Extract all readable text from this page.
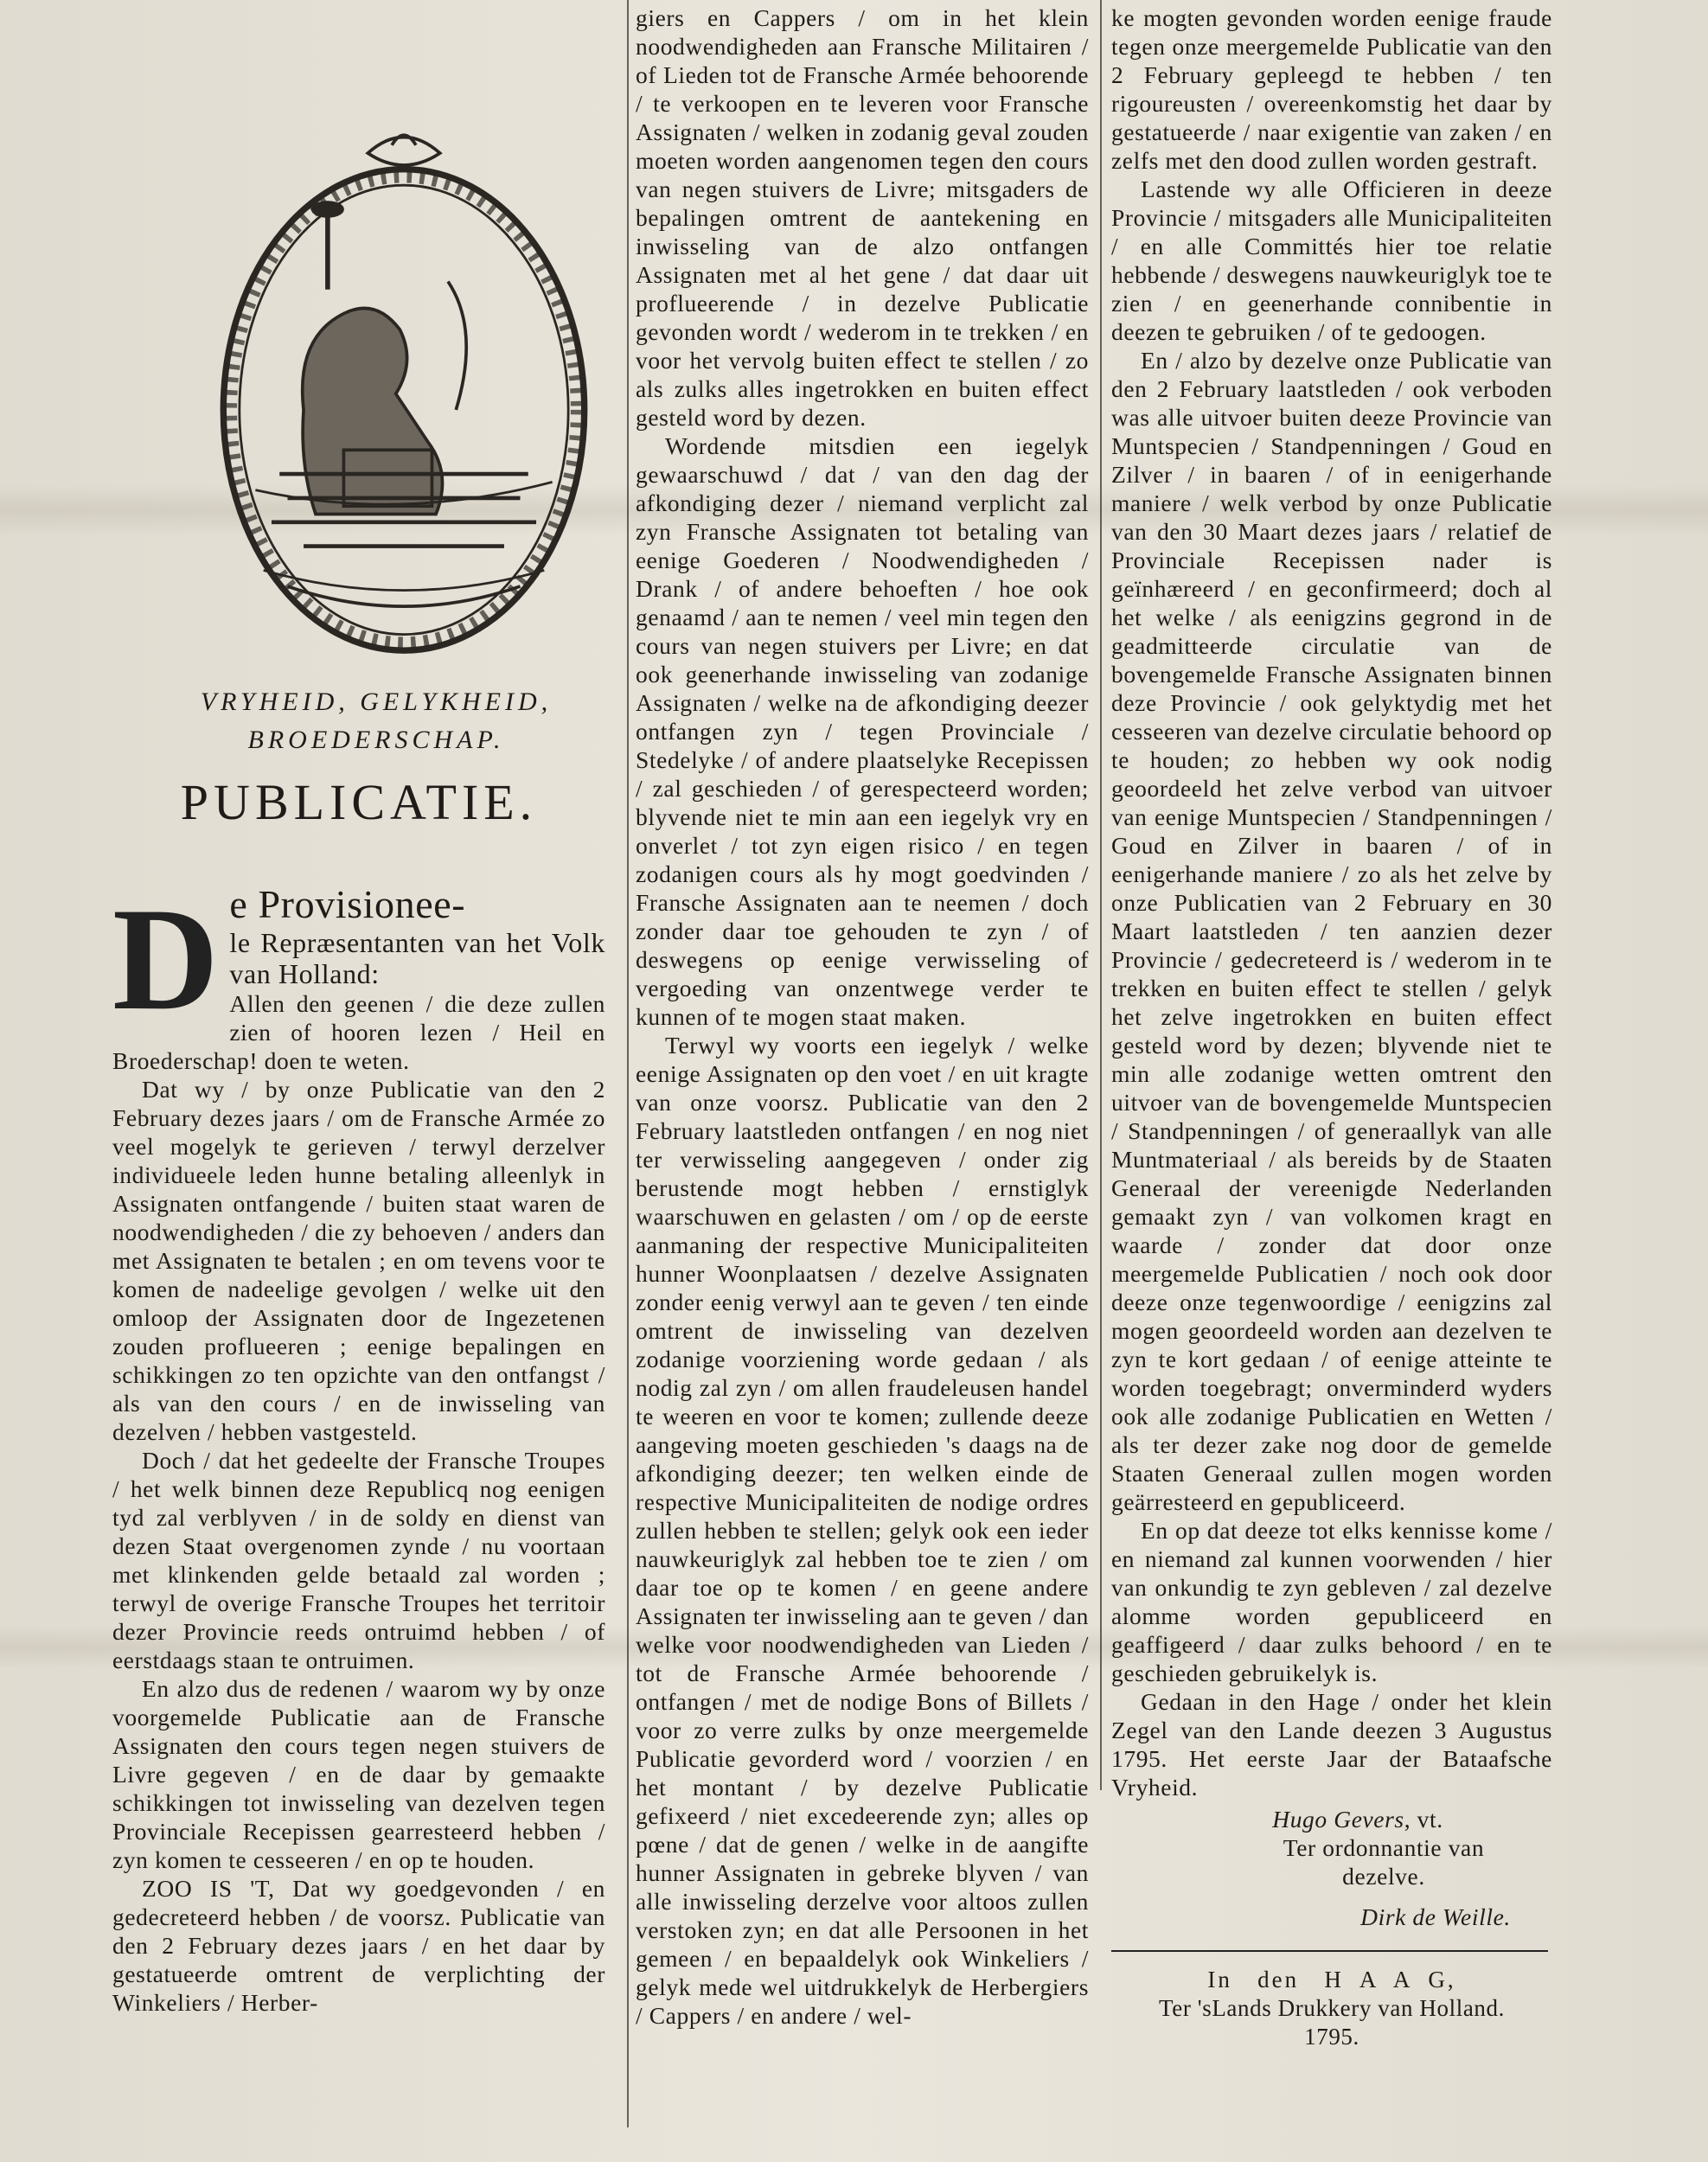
VRYHEID, GELYKHEID,
BROEDERSCHAP.
PUBLICATIE.
D e Provisionee-

le Repræsentanten van het Volk van Holland:

Allen den geenen / die deze zullen zien of hooren lezen / Heil en Broederschap! doen te weten.

Dat wy / by onze Publicatie van den 2 February dezes jaars / om de Fransche Armée zo veel mogelyk te gerieven / terwyl derzelver individueele leden hunne betaling alleenlyk in Assignaten ontfangende / buiten staat waren de noodwendigheden / die zy behoeven / anders dan met Assignaten te betalen ; en om tevens voor te komen de nadeelige gevolgen / welke uit den omloop der Assignaten door de Ingezetenen zouden proflueeren ; eenige bepalingen en schikkingen zo ten opzichte van den ontfangst / als van den cours / en de inwisseling van dezelven / hebben vastgesteld.

Doch / dat het gedeelte der Fransche Troupes / het welk binnen deze Republicq nog eenigen tyd zal verblyven / in de soldy en dienst van dezen Staat overgenomen zynde / nu voortaan met klinkenden gelde betaald zal worden ; terwyl de overige Fransche Troupes het territoir dezer Provincie reeds ontruimd hebben / of eerstdaags staan te ontruimen.

En alzo dus de redenen / waarom wy by onze voorgemelde Publicatie aan de Fransche Assignaten den cours tegen negen stuivers de Livre gegeven / en de daar by gemaakte schikkingen tot inwisseling van dezelven tegen Provinciale Recepissen gearresteerd hebben / zyn komen te cesseeren / en op te houden.

ZOO IS 'T, Dat wy goedgevonden / en gedecreteerd hebben / de voorsz. Publicatie van den 2 February dezes jaars / en het daar by gestatueerde omtrent de verplichting der Winkeliers / Herber-

giers en Cappers / om in het klein noodwendigheden aan Fransche Militairen / of Lieden tot de Fransche Armée behoorende / te verkoopen en te leveren voor Fransche Assignaten / welken in zodanig geval zouden moeten worden aangenomen tegen den cours van negen stuivers de Livre; mitsgaders de bepalingen omtrent de aantekening en inwisseling van de alzo ontfangen Assignaten met al het gene / dat daar uit proflueerende / in dezelve Publicatie gevonden wordt / wederom in te trekken / en voor het vervolg buiten effect te stellen / zo als zulks alles ingetrokken en buiten effect gesteld word by dezen.

Wordende mitsdien een iegelyk gewaarschuwd / dat / van den dag der afkondiging dezer / niemand verplicht zal zyn Fransche Assignaten tot betaling van eenige Goederen / Noodwendigheden / Drank / of andere behoeften / hoe ook genaamd / aan te nemen / veel min tegen den cours van negen stuivers per Livre; en dat ook geenerhande inwisseling van zodanige Assignaten / welke na de afkondiging deezer ontfangen zyn / tegen Provinciale / Stedelyke / of andere plaatselyke Recepissen / zal geschieden / of gerespecteerd worden; blyvende niet te min aan een iegelyk vry en onverlet / tot zyn eigen risico / en tegen zodanigen cours als hy mogt goedvinden / Fransche Assignaten aan te neemen / doch zonder daar toe gehouden te zyn / of deswegens op eenige verwisseling of vergoeding van onzentwege verder te kunnen of te mogen staat maken.

Terwyl wy voorts een iegelyk / welke eenige Assignaten op den voet / en uit kragte van onze voorsz. Publicatie van den 2 February laatstleden ontfangen / en nog niet ter verwisseling aangegeven / onder zig berustende mogt hebben / ernstiglyk waarschuwen en gelasten / om / op de eerste aanmaning der respective Municipaliteiten hunner Woonplaatsen / dezelve Assignaten zonder eenig verwyl aan te geven / ten einde omtrent de inwisseling van dezelven zodanige voorziening worde gedaan / als nodig zal zyn / om allen fraudeleusen handel te weeren en voor te komen; zullende deeze aangeving moeten geschieden 's daags na de afkondiging deezer; ten welken einde de respective Municipaliteiten de nodige ordres zullen hebben te stellen; gelyk ook een ieder nauwkeuriglyk zal hebben toe te zien / om daar toe op te komen / en geene andere Assignaten ter inwisseling aan te geven / dan welke voor noodwendigheden van Lieden / tot de Fransche Armée behoorende / ontfangen / met de nodige Bons of Billets / voor zo verre zulks by onze meergemelde Publicatie gevorderd word / voorzien / en het montant / by dezelve Publicatie gefixeerd / niet excedeerende zyn; alles op pœne / dat de genen / welke in de aangifte hunner Assignaten in gebreke blyven / van alle inwisseling derzelve voor altoos zullen verstoken zyn; en dat alle Persoonen in het gemeen / en bepaaldelyk ook Winkeliers / gelyk mede wel uitdrukkelyk de Herbergiers / Cappers / en andere / wel-

ke mogten gevonden worden eenige fraude tegen onze meergemelde Publicatie van den 2 February gepleegd te hebben / ten rigoureusten / overeenkomstig het daar by gestatueerde / naar exigentie van zaken / en zelfs met den dood zullen worden gestraft.

Lastende wy alle Officieren in deeze Provincie / mitsgaders alle Municipaliteiten / en alle Committés hier toe relatie hebbende / deswegens nauwkeuriglyk toe te zien / en geenerhande connibentie in deezen te gebruiken / of te gedoogen.

En / alzo by dezelve onze Publicatie van den 2 February laatstleden / ook verboden was alle uitvoer buiten deeze Provincie van Muntspecien / Standpenningen / Goud en Zilver / in baaren / of in eenigerhande maniere / welk verbod by onze Publicatie van den 30 Maart dezes jaars / relatief de Provinciale Recepissen nader is geïnhæreerd / en geconfirmeerd; doch al het welke / als eenigzins gegrond in de geadmitteerde circulatie van de bovengemelde Fransche Assignaten binnen deze Provincie / ook gelyktydig met het cesseeren van dezelve circulatie behoord op te houden; zo hebben wy ook nodig geoordeeld het zelve verbod van uitvoer van eenige Muntspecien / Standpenningen / Goud en Zilver in baaren / of in eenigerhande maniere / zo als het zelve by onze Publicatien van 2 February en 30 Maart laatstleden / ten aanzien dezer Provincie / gedecreteerd is / wederom in te trekken en buiten effect te stellen / gelyk het zelve ingetrokken en buiten effect gesteld word by dezen; blyvende niet te min alle zodanige wetten omtrent den uitvoer van de bovengemelde Muntspecien / Standpenningen / of generaallyk van alle Muntmateriaal / als bereids by de Staaten Generaal der vereenigde Nederlanden gemaakt zyn / van volkomen kragt en waarde / zonder dat door onze meergemelde Publicatien / noch ook door deeze onze tegenwoordige / eenigzins zal mogen geoordeeld worden aan dezelven te zyn te kort gedaan / of eenige atteinte te worden toegebragt; onverminderd wyders ook alle zodanige Publicatien en Wetten / als ter dezer zake nog door de gemelde Staaten Generaal zullen mogen worden geärresteerd en gepubliceerd.

En op dat deeze tot elks kennisse kome / en niemand zal kunnen voorwenden / hier van onkundig te zyn gebleven / zal dezelve alomme worden gepubliceerd en geaffigeerd / daar zulks behoord / en te geschieden gebruikelyk is.

Gedaan in den Hage / onder het klein Zegel van den Lande deezen 3 Augustus 1795. Het eerste Jaar der Bataafsche Vryheid.

Hugo Gevers, vt.

Ter ordonnantie van

dezelve.

Dirk de Weille.

In   den   H  A  A  G,
Ter 'sLands Drukkery van Holland.
1795.
